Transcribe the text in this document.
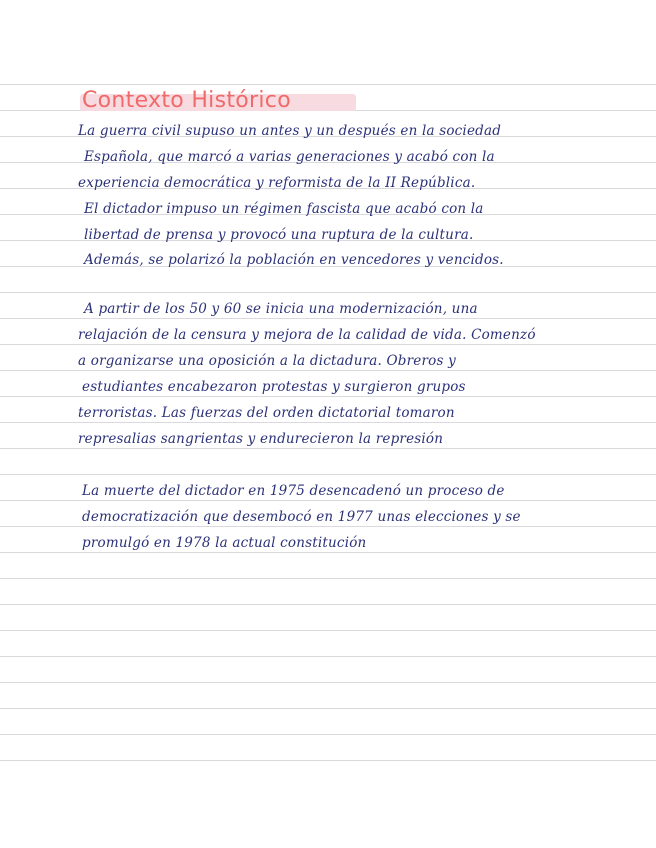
Contexto Histórico
La guerra civil supuso un antes y un después en la sociedad
Española, que marcó a varias generaciones y acabó con la
experiencia democrática y reformista de la II República.
El dictador impuso un régimen fascista que acabó con la
libertad de prensa y provocó una ruptura de la cultura.
Además, se polarizó la población en vencedores y vencidos.
A partir de los 50 y 60 se inicia una modernización, una
relajación de la censura y mejora de la calidad de vida. Comenzó
a organizarse una oposición a la dictadura. Obreros y
estudiantes encabezaron protestas y surgieron grupos
terroristas. Las fuerzas del orden dictatorial tomaron
represalias sangrientas y endurecieron la represión
La muerte del dictador en 1975 desencadenó un proceso de
democratización que desembocó en 1977 unas elecciones y se
promulgó en 1978 la actual constitución
